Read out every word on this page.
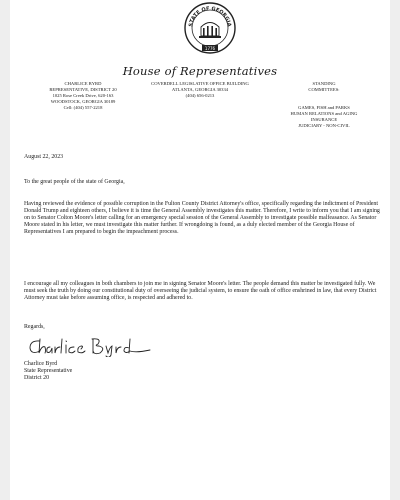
STATE OF GEORGIA
1776
House of Representatives
CHARLICE BYRD
REPRESENTATIVE, DISTRICT 20
1025 Rose Creek Drive, 620-163
WOODSTOCK, GEORGIA 30189
Cell: (404) 557-2218
COVERDELL LEGISLATIVE OFFICE BUILDING
ATLANTA, GEORGIA 30334
(404) 656-0213
STANDING
COMMITTEES:
GAMES, FISH and PARKS
HUMAN RELATIONS and AGING
INSURANCE
JUDICIARY - NON-CIVIL

August 22, 2023

To the great people of the state of Georgia,

Having reviewed the evidence of possible corruption in the Fulton County District Attorney's office, specifically regarding the indictment of President Donald Trump and eighteen others, I believe it is time the General Assembly investigates this matter. Therefore, I write to inform you that I am signing on to Senator Colton Moore's letter calling for an emergency special session of the General Assembly to investigate possible malfeasance. As Senator Moore stated in his letter, we must investigate this matter further. If wrongdoing is found, as a duly elected member of the Georgia House of Representatives I am prepared to begin the impeachment process.

I encourage all my colleagues in both chambers to join me in signing Senator Moore's letter. The people demand this matter be investigated fully. We must seek the truth by doing our constitutional duty of overseeing the judicial system, to ensure the oath of office enshrined in law, that every District Attorney must take before assuming office, is respected and adhered to.

Regards,

Charlice Byrd
State Representative
District 20
